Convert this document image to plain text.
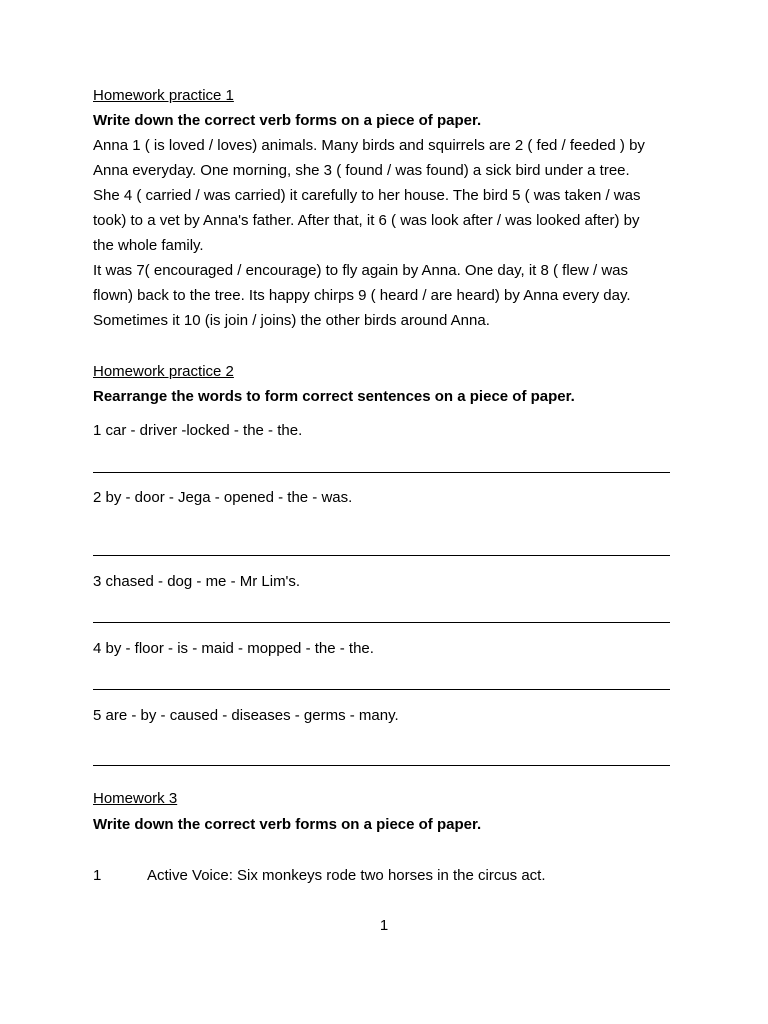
Homework practice 1
Write down the correct verb forms on a piece of paper.
Anna 1 ( is loved / loves) animals. Many birds and squirrels are 2 ( fed / feeded ) by
Anna everyday. One morning, she 3 ( found / was found) a sick bird under a tree.
She 4 ( carried / was carried) it carefully to her house. The bird 5 ( was taken / was
took) to a vet by Anna's father. After that, it 6 ( was look after / was looked after) by
the whole family.
It was 7( encouraged / encourage) to fly again by Anna. One day, it 8 ( flew / was
flown) back to the tree. Its happy chirps 9 ( heard / are heard) by Anna every day.
Sometimes it 10 (is join / joins) the other birds around Anna.
Homework practice 2
Rearrange the words to form correct sentences on a piece of paper.
1 car - driver -locked - the - the.
2 by - door - Jega - opened - the - was.
3 chased - dog - me - Mr Lim's.
4 by - floor - is - maid - mopped - the - the.
5 are - by - caused - diseases - germs - many.
Homework 3
Write down the correct verb forms on a piece of paper.
1	Active Voice: Six monkeys rode two horses in the circus act.
1
